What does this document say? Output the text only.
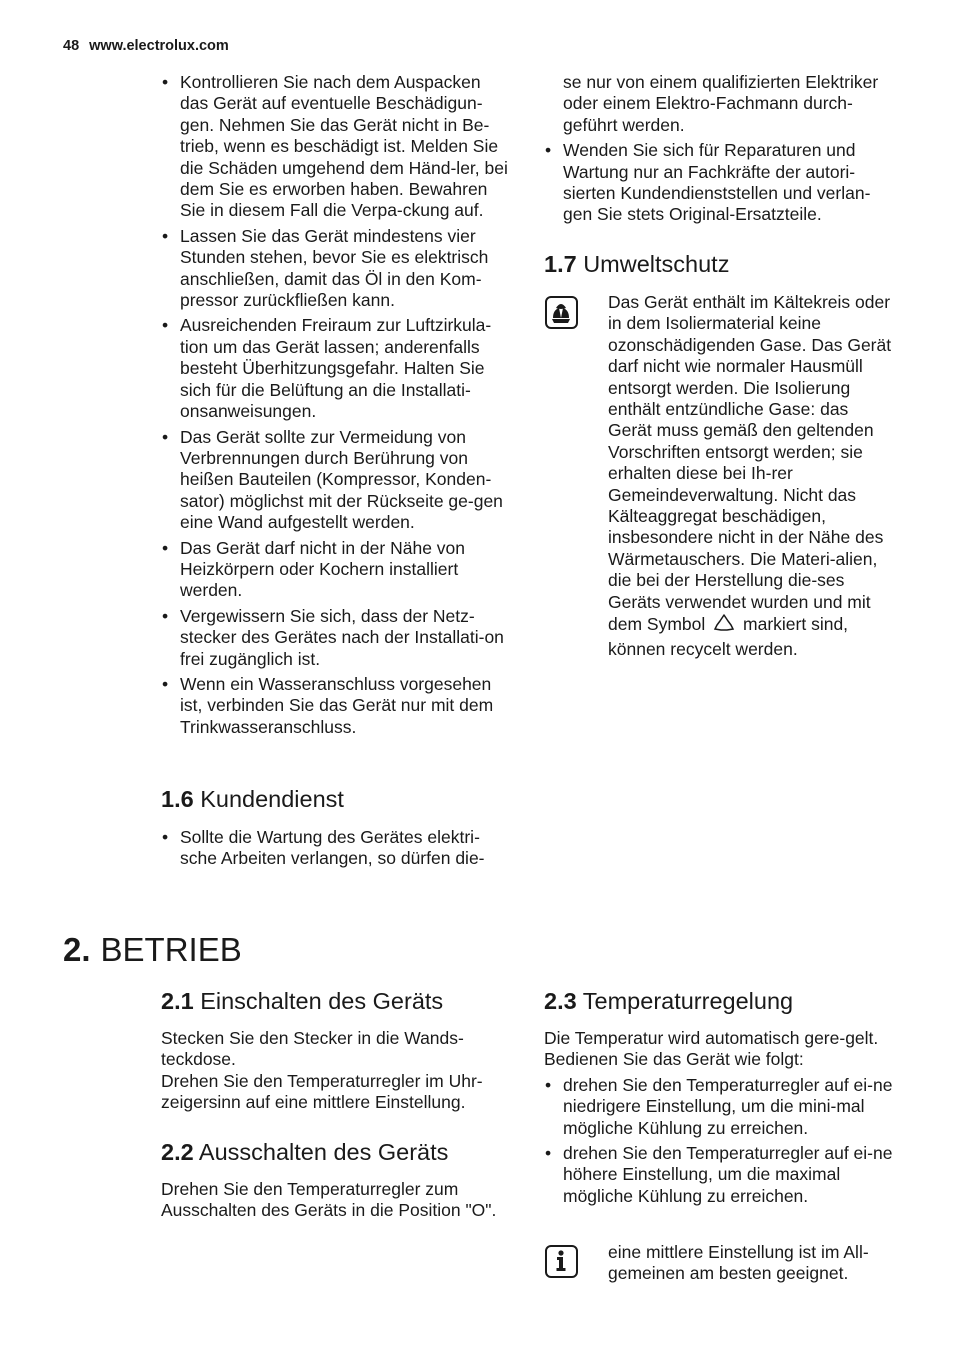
48 www.electrolux.com
• Kontrollieren Sie nach dem Auspacken das Gerät auf eventuelle Beschädigun-gen. Nehmen Sie das Gerät nicht in Be-trieb, wenn es beschädigt ist. Melden Sie die Schäden umgehend dem Händ-ler, bei dem Sie es erworben haben. Bewahren Sie in diesem Fall die Verpa-ckung auf.
• Lassen Sie das Gerät mindestens vier Stunden stehen, bevor Sie es elektrisch anschließen, damit das Öl in den Kom-pressor zurückfließen kann.
• Ausreichenden Freiraum zur Luftzirkula-tion um das Gerät lassen; anderenfalls besteht Überhitzungsgefahr. Halten Sie sich für die Belüftung an die Installati-onsanweisungen.
• Das Gerät sollte zur Vermeidung von Verbrennungen durch Berührung von heißen Bauteilen (Kompressor, Konden-sator) möglichst mit der Rückseite ge-gen eine Wand aufgestellt werden.
• Das Gerät darf nicht in der Nähe von Heizkörpern oder Kochern installiert werden.
• Vergewissern Sie sich, dass der Netz-stecker des Gerätes nach der Installati-on frei zugänglich ist.
• Wenn ein Wasseranschluss vorgesehen ist, verbinden Sie das Gerät nur mit dem Trinkwasseranschluss.
1.6 Kundendienst
• Sollte die Wartung des Gerätes elektri-sche Arbeiten verlangen, so dürfen die-
se nur von einem qualifizierten Elektriker oder einem Elektro-Fachmann durch-geführt werden.
• Wenden Sie sich für Reparaturen und Wartung nur an Fachkräfte der autori-sierten Kundendienststellen und verlan-gen Sie stets Original-Ersatzteile.
1.7 Umweltschutz
Das Gerät enthält im Kältekreis oder in dem Isoliermaterial keine ozonschädigenden Gase. Das Gerät darf nicht wie normaler Hausmüll entsorgt werden. Die Isolierung enthält entzündliche Gase: das Gerät muss gemäß den geltenden Vorschriften entsorgt werden; sie erhalten diese bei Ih-rer Gemeindeverwaltung. Nicht das Kälteaggregat beschädigen, insbesondere nicht in der Nähe des Wärmetauschers. Die Materi-alien, die bei der Herstellung die-ses Geräts verwendet wurden und mit dem Symbol markiert sind, können recycelt werden.
2. BETRIEB
2.1 Einschalten des Geräts
Stecken Sie den Stecker in die Wands-teckdose.
Drehen Sie den Temperaturregler im Uhr-zeigersinn auf eine mittlere Einstellung.
2.2 Ausschalten des Geräts
Drehen Sie den Temperaturregler zum Ausschalten des Geräts in die Position "O".
2.3 Temperaturregelung
Die Temperatur wird automatisch gere-gelt.
Bedienen Sie das Gerät wie folgt:
• drehen Sie den Temperaturregler auf ei-ne niedrigere Einstellung, um die mini-mal mögliche Kühlung zu erreichen.
• drehen Sie den Temperaturregler auf ei-ne höhere Einstellung, um die maximal mögliche Kühlung zu erreichen.
eine mittlere Einstellung ist im All-gemeinen am besten geeignet.
